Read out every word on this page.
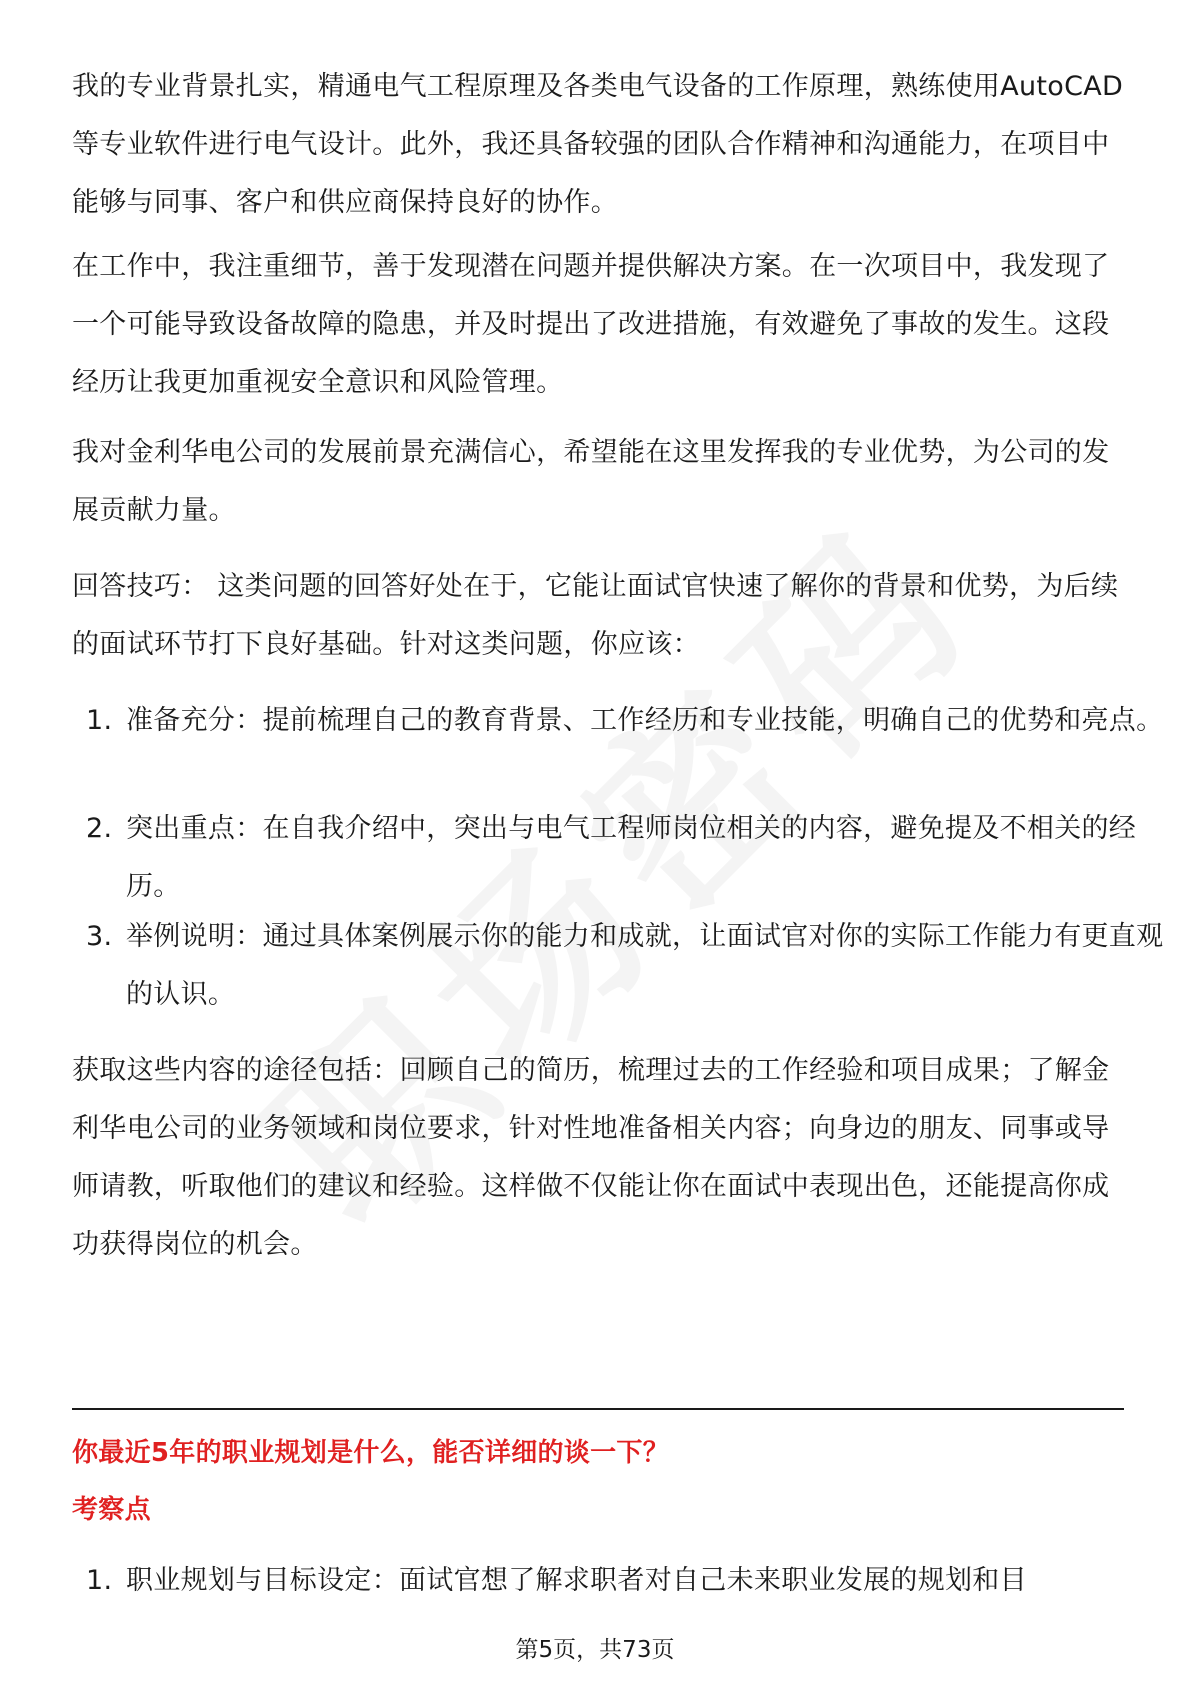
我的专业背景扎实，精通电气工程原理及各类电气设备的工作原理，熟练使用AutoCAD等专业软件进行电气设计。此外，我还具备较强的团队合作精神和沟通能力，在项目中能够与同事、客户和供应商保持良好的协作。

在工作中，我注重细节，善于发现潜在问题并提供解决方案。在一次项目中，我发现了一个可能导致设备故障的隐患，并及时提出了改进措施，有效避免了事故的发生。这段经历让我更加重视安全意识和风险管理。

我对金利华电公司的发展前景充满信心，希望能在这里发挥我的专业优势，为公司的发展贡献力量。

回答技巧： 这类问题的回答好处在于，它能让面试官快速了解你的背景和优势，为后续的面试环节打下良好基础。针对这类问题，你应该：

1. 准备充分：提前梳理自己的教育背景、工作经历和专业技能，明确自己的优势和亮点。
2. 突出重点：在自我介绍中，突出与电气工程师岗位相关的内容，避免提及不相关的经历。
3. 举例说明：通过具体案例展示你的能力和成就，让面试官对你的实际工作能力有更直观的认识。

获取这些内容的途径包括：回顾自己的简历，梳理过去的工作经验和项目成果；了解金利华电公司的业务领域和岗位要求，针对性地准备相关内容；向身边的朋友、同事或导师请教，听取他们的建议和经验。这样做不仅能让你在面试中表现出色，还能提高你成功获得岗位的机会。

你最近5年的职业规划是什么，能否详细的谈一下？
考察点
1. 职业规划与目标设定：面试官想了解求职者对自己未来职业发展的规划和目
第5页，共73页
